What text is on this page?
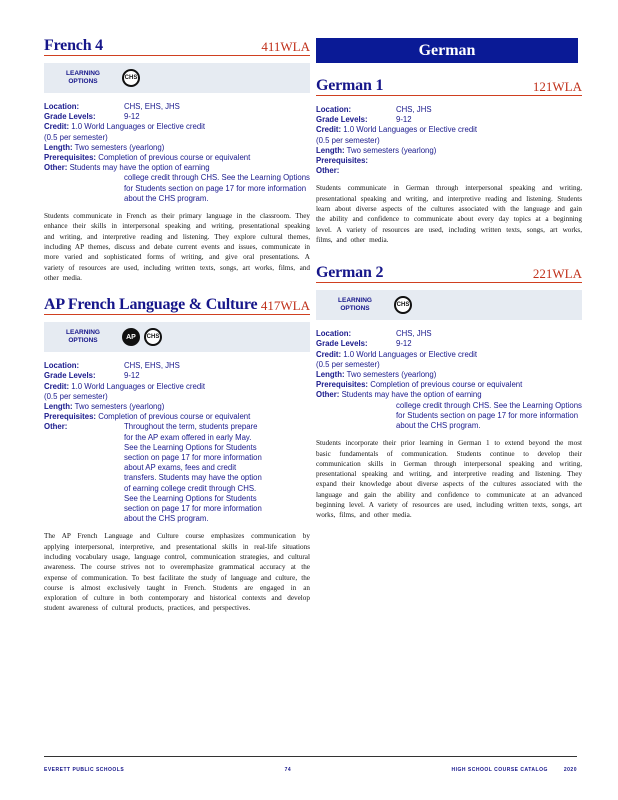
French 4	411WLA
LEARNING OPTIONS	CHS
Location:	CHS, EHS, JHS
Grade Levels:	9-12
Credit: 1.0 World Languages or Elective credit
(0.5 per semester)
Length: Two semesters (yearlong)
Prerequisites: Completion of previous course or equivalent
Other: Students may have the option of earning
college credit through CHS. See the Learning Options for Students section on page 17 for more information about the CHS program.

Students communicate in French as their primary language in the classroom. They enhance their skills in interpersonal speaking and writing, presentational speaking and writing, and interpretive reading and listening. They explore cultural themes, including AP themes, discuss and debate current events and issues, communicate in more varied and sophisticated forms of writing, and give oral presentations. A variety of resources are used, including written texts, songs, art works, films, and other media.

AP French Language & Culture 417WLA
LEARNING OPTIONS	AP	CHS
Location:	CHS, EHS, JHS
Grade Levels:	9-12
Credit: 1.0 World Languages or Elective credit
(0.5 per semester)
Length: Two semesters (yearlong)
Prerequisites: Completion of previous course or equivalent
Other:	Throughout the term, students prepare for the AP exam offered in early May. See the Learning Options for Students section on page 17 for more information about AP exams, fees and credit transfers. Students may have the option of earning college credit through CHS. See the Learning Options for Students section on page 17 for more information about the CHS program.

The AP French Language and Culture course emphasizes communication by applying interpersonal, interpretive, and presentational skills in real-life situations including vocabulary usage, language control, communication strategies, and cultural awareness. The course strives not to overemphasize grammatical accuracy at the expense of communication. To best facilitate the study of language and culture, the course is almost exclusively taught in French. Students are engaged in an exploration of culture in both contemporary and historical contexts and develop student awareness of cultural products, practices, and perspectives.

German
German 1	121WLA
Location:	CHS, JHS
Grade Levels:	9-12
Credit: 1.0 World Languages or Elective credit
(0.5 per semester)
Length: Two semesters (yearlong)
Prerequisites:
Other:

Students communicate in German through interpersonal speaking and writing, presentational speaking and writing, and interpretive reading and listening. Students learn about diverse aspects of the cultures associated with the language and gain the ability and confidence to communicate about every day topics at a beginning level. A variety of resources are used, including written texts, songs, art works, films, and other media.

German 2	221WLA
LEARNING OPTIONS	CHS
Location:	CHS, JHS
Grade Levels:	9-12
Credit: 1.0 World Languages or Elective credit
(0.5 per semester)
Length: Two semesters (yearlong)
Prerequisites: Completion of previous course or equivalent
Other: Students may have the option of earning
college credit through CHS. See the Learning Options for Students section on page 17 for more information about the CHS program.

Students incorporate their prior learning in German 1 to extend beyond the most basic fundamentals of communication. Students continue to develop their communication skills in German through interpersonal speaking and writing, presentational speaking and writing, and interpretive reading and listening. They expand their knowledge about diverse aspects of the cultures associated with the language and gain the ability and confidence to communicate at an advanced beginning level. A variety of resources are used, including written texts, songs, art works, films, and other media.

EVERETT PUBLIC SCHOOLS	74	HIGH SCHOOL COURSE CATALOG	2020
